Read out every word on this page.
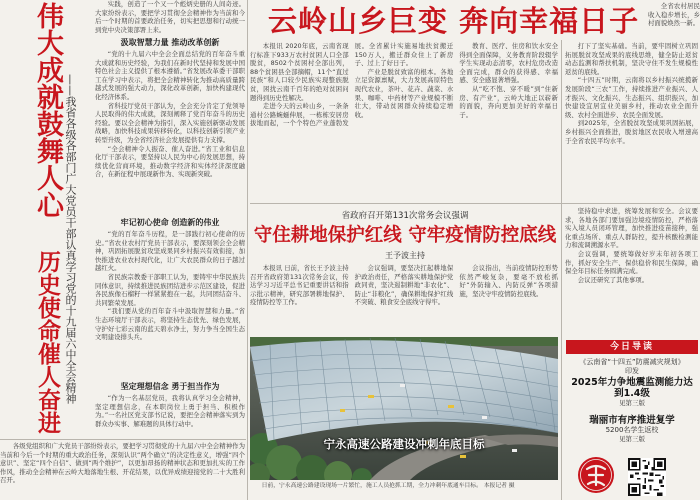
伟大成就鼓舞人心
历史使命催人奋进 ——我省各级各部门广大党员干部认真学习党的十九届六中全会精神

实践，创造了一个又一个彪炳史册的人间奇迹。大家纷纷表示，要把学习贯彻全会精神作为当前和今后一个时期的首要政治任务，切实把思想和行动统一到党中央决策部署上来。

汲取智慧力量 推动改革创新

“党的十九届六中全会全面总结党的百年奋斗重大成就和历史经验，为我们在新时代坚持和发展中国特色社会主义提供了根本遵循。”省发展改革委干部职工在学习中表示，将把全会精神转化为推动高质量跨越式发展的强大动力，深化改革创新，加快构建现代化经济体系。

省科技厅党员干部认为，全会充分肯定了党领导人民取得的伟大成就，深刻阐释了党百年奋斗的历史经验。要以全会精神为指引，深入实施创新驱动发展战略，加快科技成果转移转化，以科技创新引领产业转型升级，为全省经济社会发展提供有力支撑。

“全会精神令人振奋、催人奋进。”省工业和信息化厅干部表示，要坚持以人民为中心的发展思想，持续优化营商环境，推动数字经济和实体经济深度融合，在新征程中展现新作为、实现新突破。

牢记初心使命 创造新的伟业

“党的百年奋斗历程，是一部践行初心使命的历史。”省农业农村厅党员干部表示，要深刻领会全会精神，巩固拓展脱贫攻坚成果同乡村振兴有效衔接，加快推进农业农村现代化，让广大农民群众的日子越过越红火。

省民族宗教委干部职工认为，要铸牢中华民族共同体意识，持续推进民族团结进步示范区建设，促进各民族像石榴籽一样紧紧抱在一起，共同团结奋斗、共同繁荣发展。

“我们要从党的百年奋斗中汲取智慧和力量。”省生态环境厅干部表示，将坚持生态优先、绿色发展，守护好七彩云南的蓝天碧水净土，努力争当全国生态文明建设排头兵。

坚定理想信念 勇于担当作为

“作为一名基层党员，我将认真学习全会精神，坚定理想信念，在本职岗位上勇于担当、积极作为。”一名社区党支部书记说，要把全会精神落实到为群众办实事、解难题的具体行动中。

各级党组织和广大党员干部纷纷表示，要把学习贯彻党的十九届六中全会精神作为当前和今后一个时期的重大政治任务，深刻认识“两个确立”的决定性意义，增强“四个意识”、坚定“四个自信”、做到“两个维护”，以更加昂扬的精神状态和更加扎实的工作作风，推动全会精神在云岭大地落地生根、开花结果，以优异成绩迎接党的二十大胜利召开。

云岭山乡巨变 奔向幸福日子	全省农村居民收入稳步增长，乡村面貌焕然一新。

本报讯 2020年底，云南省现行标准下933万农村贫困人口全部脱贫，8502个贫困村全部出列，88个贫困县全部摘帽，11个“直过民族”和人口较少民族实现整族脱贫，困扰云南千百年的绝对贫困问题得到历史性解决。

走进今天的云岭山乡，一条条通村公路蜿蜒伸展，一栋栋安居房拔地而起，一个个特色产业蓬勃发展。全省累计实施易地扶贫搬迁150万人，搬迁群众住上了新房子、过上了好日子。

产业是脱贫致富的根本。各地立足资源禀赋，大力发展高原特色现代农业，茶叶、花卉、蔬菜、水果、咖啡、中药材等产业规模不断壮大，带动贫困群众持续稳定增收。

教育、医疗、住房和饮水安全得到全面保障，义务教育阶段辍学学生实现动态清零，农村危房改造全面完成，群众的获得感、幸福感、安全感显著增强。

从“吃不饱、穿不暖”到“住新房、有产业”，云岭大地正以崭新的面貌，奔向更加美好的幸福日子。

打下了坚实基础。当前，要牢固树立巩固拓展脱贫攻坚成果的底线思维，健全防止返贫动态监测和帮扶机制，坚决守住不发生规模性返贫的底线。

“十四五”时期，云南将以乡村振兴统揽新发展阶段“三农”工作，持续推进产业振兴、人才振兴、文化振兴、生态振兴、组织振兴，加快建设宜居宜业美丽乡村，推动农业全面升级、农村全面进步、农民全面发展。

到2025年，全省脱贫攻坚成果巩固拓展，乡村振兴全面推进，脱贫地区农民收入增速高于全省农民平均水平。

省政府召开第131次常务会议强调
守住耕地保护红线 守牢疫情防控底线
王予波主持

本报讯 日前，省长王予波主持召开省政府第131次常务会议，传达学习习近平总书记重要讲话和指示批示精神，研究部署耕地保护、疫情防控等工作。

会议强调，要坚决扛起耕地保护政治责任，严格落实耕地保护党政同责，坚决遏制耕地“非农化”、防止“非粮化”，确保耕地保护红线不突破、粮食安全底线守得牢。

会议指出，当前疫情防控形势依然严峻复杂，要毫不放松抓好“外防输入、内防反弹”各项措施，坚决守牢疫情防控底线。

坚持稳中求进，统筹发展和安全。会议要求，各地各部门要加强边境疫情防控，严格落实入境人员闭环管理，加快推进疫苗接种，强化重点场所、重点人群防控，提升核酸检测能力和流调溯源水平。

会议强调，要统筹做好岁末年初各项工作，抓好安全生产、保供稳价和民生保障，确保全年目标任务圆满完成。

会议还研究了其他事项。

宁永高速公路建设冲刺年底目标

日前，宁永高速公路建设现场一片繁忙，施工人员抢抓工期，全力冲刺年底通车目标。 本报记者 摄

今日导读
《云南省“十四五”防震减灾规划》印发
2025年力争地震监测能力达到1.4级
见第三版
瑞丽市有序推进复学
5200名学生返校
见第三版
